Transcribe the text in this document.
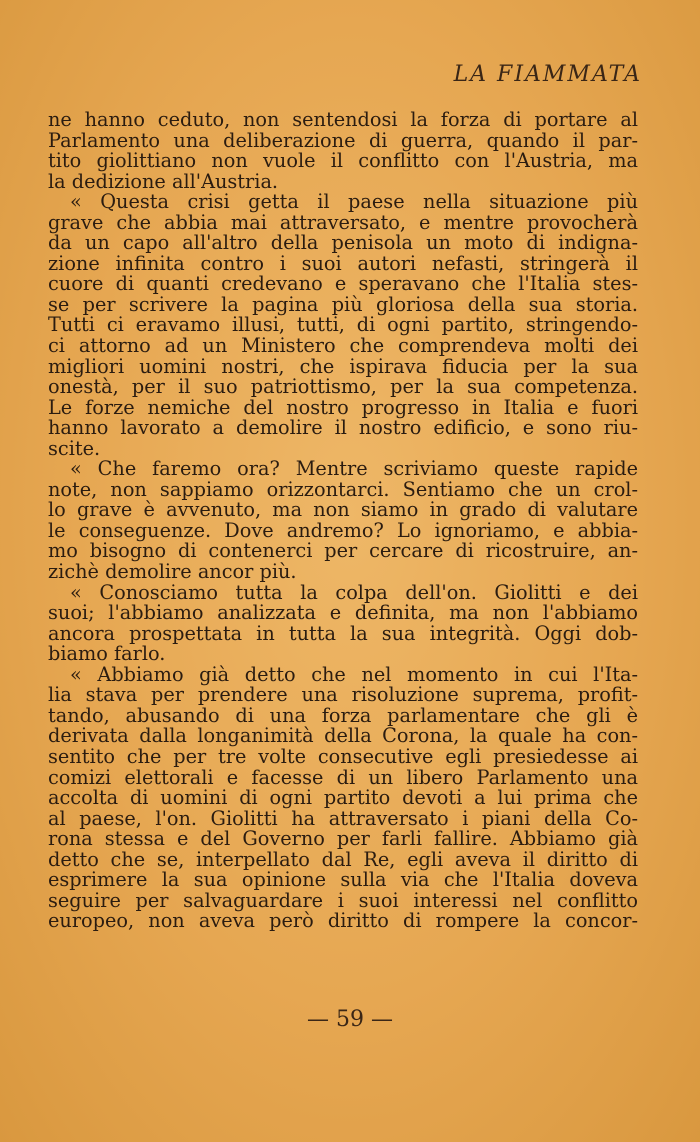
LA FIAMMATA
ne hanno ceduto, non sentendosi la forza di portare al
Parlamento una deliberazione di guerra, quando il par-
tito giolittiano non vuole il conflitto con l'Austria, ma
la dedizione all'Austria.
« Questa crisi getta il paese nella situazione più
grave che abbia mai attraversato, e mentre provocherà
da un capo all'altro della penisola un moto di indigna-
zione infinita contro i suoi autori nefasti, stringerà il
cuore di quanti credevano e speravano che l'Italia stes-
se per scrivere la pagina più gloriosa della sua storia.
Tutti ci eravamo illusi, tutti, di ogni partito, stringendo-
ci attorno ad un Ministero che comprendeva molti dei
migliori uomini nostri, che ispirava fiducia per la sua
onestà, per il suo patriottismo, per la sua competenza.
Le forze nemiche del nostro progresso in Italia e fuori
hanno lavorato a demolire il nostro edificio, e sono riu-
scite.
« Che faremo ora? Mentre scriviamo queste rapide
note, non sappiamo orizzontarci. Sentiamo che un crol-
lo grave è avvenuto, ma non siamo in grado di valutare
le conseguenze. Dove andremo? Lo ignoriamo, e abbia-
mo bisogno di contenerci per cercare di ricostruire, an-
zichè demolire ancor più.
« Conosciamo tutta la colpa dell'on. Giolitti e dei
suoi; l'abbiamo analizzata e definita, ma non l'abbiamo
ancora prospettata in tutta la sua integrità. Oggi dob-
biamo farlo.
« Abbiamo già detto che nel momento in cui l'Ita-
lia stava per prendere una risoluzione suprema, profit-
tando, abusando di una forza parlamentare che gli è
derivata dalla longanimità della Corona, la quale ha con-
sentito che per tre volte consecutive egli presiedesse ai
comizi elettorali e facesse di un libero Parlamento una
accolta di uomini di ogni partito devoti a lui prima che
al paese, l'on. Giolitti ha attraversato i piani della Co-
rona stessa e del Governo per farli fallire. Abbiamo già
detto che se, interpellato dal Re, egli aveva il diritto di
esprimere la sua opinione sulla via che l'Italia doveva
seguire per salvaguardare i suoi interessi nel conflitto
europeo, non aveva però diritto di rompere la concor-
— 59 —
